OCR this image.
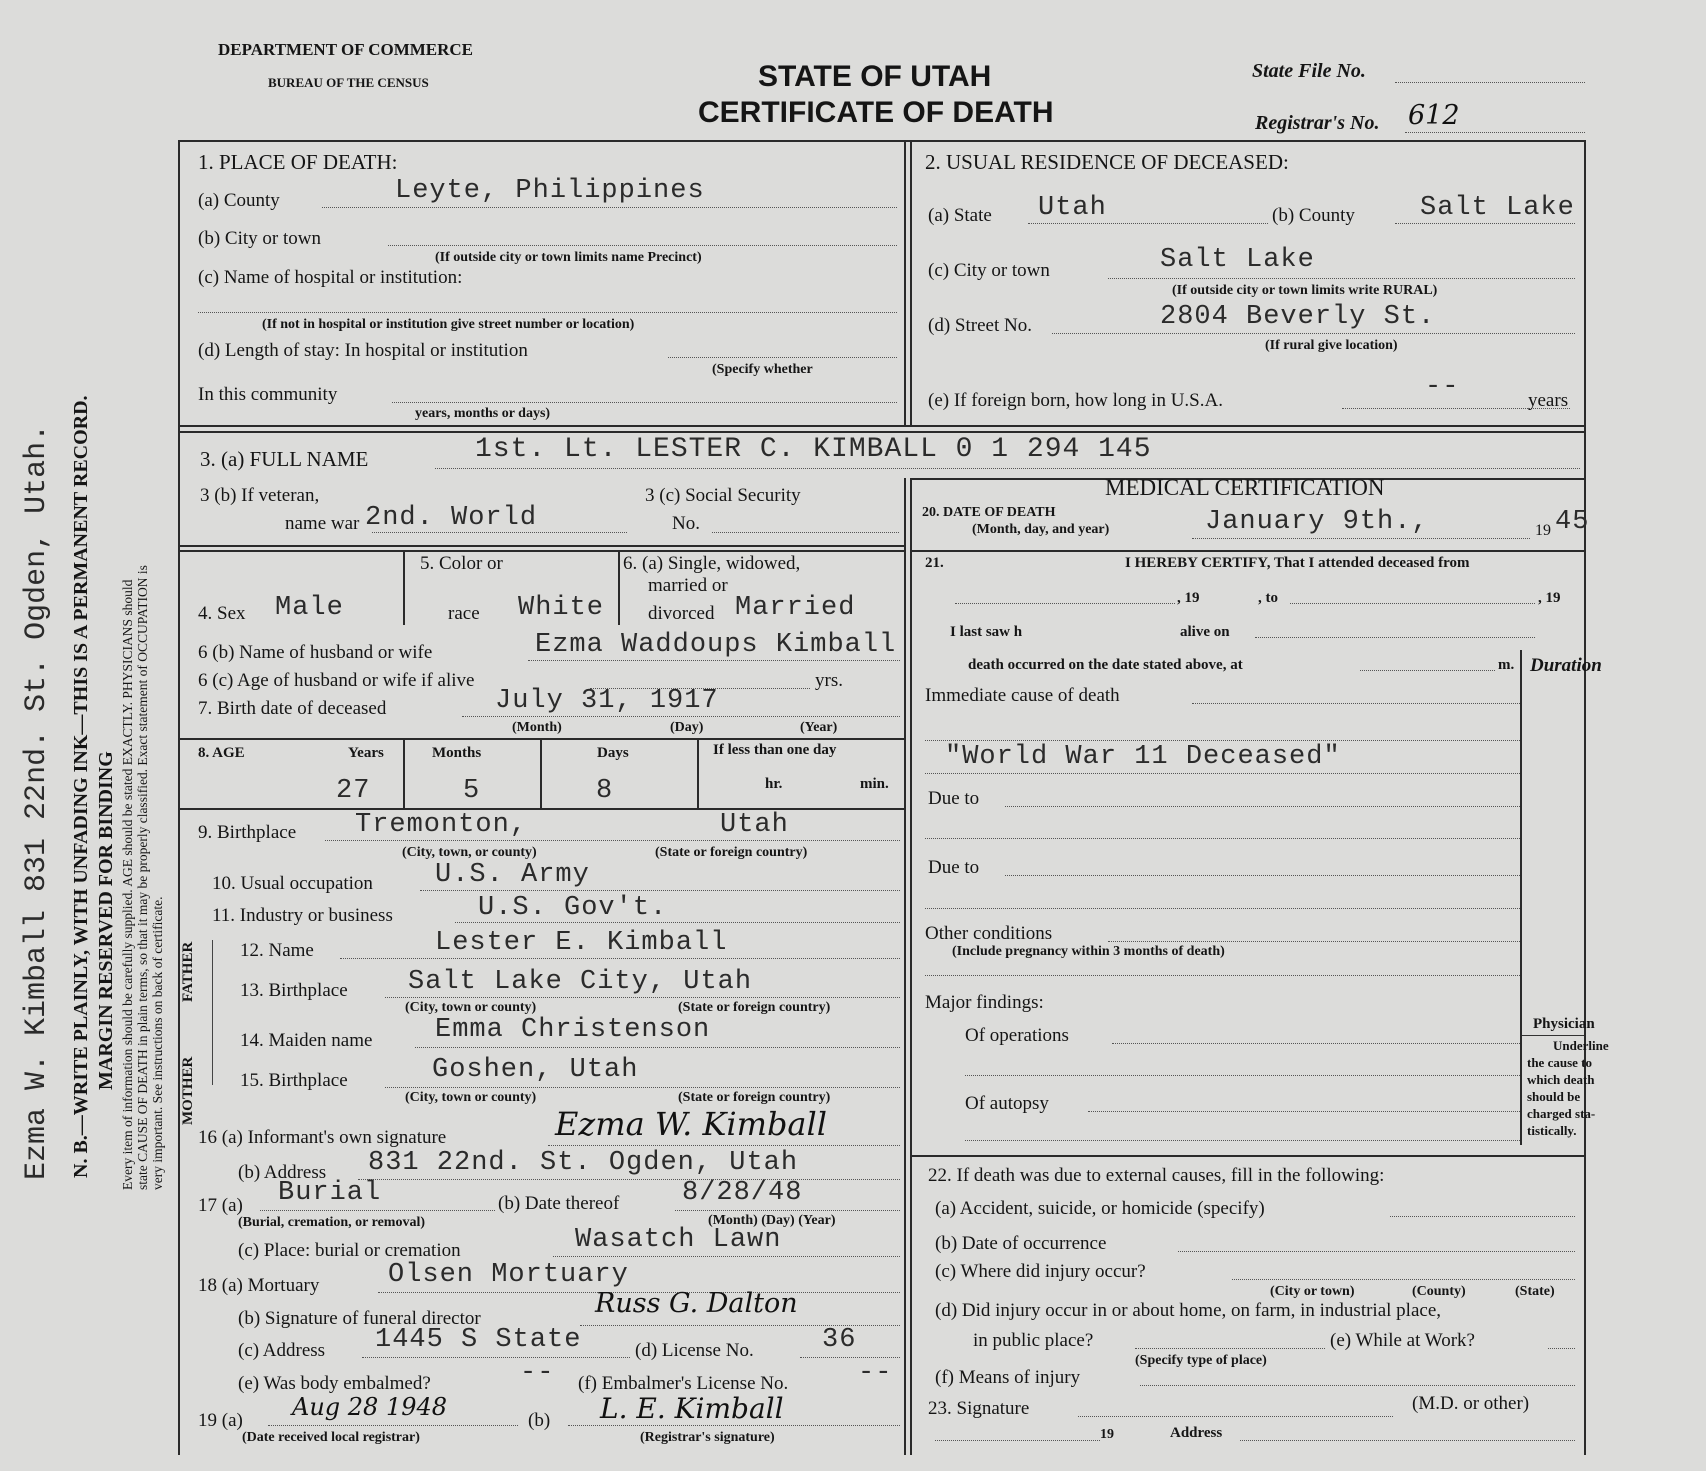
Ezma W. Kimball 831 22nd. St. Ogden, Utah. N. B.—WRITE PLAINLY, WITH UNFADING INK—THIS IS A PERMANENT RECORD. MARGIN RESERVED FOR BINDING Every item of information should be carefully supplied. AGE should be stated EXACTLY. PHYSICIANS should state CAUSE OF DEATH in plain terms, so that it may be properly classified. Exact statement of OCCUPATION is very important. See instructions on back of certificate.
DEPARTMENT OF COMMERCE
BUREAU OF THE CENSUS	STATE OF UTAH
CERTIFICATE OF DEATH
State File No.
Registrar's No. 612
1. PLACE OF DEATH:
(a) County	Leyte, Philippines
(b) City or town
(If outside city or town limits name Precinct)
(c) Name of hospital or institution:
(If not in hospital or institution give street number or location)
(d) Length of stay: In hospital or institution
(Specify whether
In this community
years, months or days)
2. USUAL RESIDENCE OF DECEASED:
(a) State Utah	(b) County Salt Lake
(c) City or town	Salt Lake
(If outside city or town limits write RURAL)
(d) Street No.	2804 Beverly St.
(If rural give location)
(e) If foreign born, how long in U.S.A.	--	years
3. (a) FULL NAME	1st. Lt. LESTER C. KIMBALL 0 1 294 145
3 (b) If veteran,
name war 2nd. World
3 (c) Social Security
No.
4. Sex Male
5. Color or
race White
6. (a) Single, widowed,
married or
divorced Married
6 (b) Name of husband or wife	Ezma Waddoups Kimball
6 (c) Age of husband or wife if alive	yrs.
7. Birth date of deceased	July 31, 1917
(Month)	(Day)	(Year)
8. AGE	Years	Months	Days	If less than one day
hr.	min.
27	5	8
9. Birthplace Tremonton,	Utah
(City, town, or county)	(State or foreign country)
10. Usual occupation U.S. Army
11. Industry or business	U.S. Gov't.
MOTHER
FATHER 12. Name	Lester E. Kimball
13. Birthplace Salt Lake City, Utah
(City, town or county)	(State or foreign country)
14. Maiden name Emma Christenson
15. Birthplace	Goshen, Utah
(City, town or county)	(State or foreign country)
16 (a) Informant's own signature	Ezma W. Kimball
(b) Address 831 22nd. St. Ogden, Utah
17 (a) Burial
(Burial, cremation, or removal)
(b) Date thereof 8/28/48
(Month) (Day) (Year)
(c) Place: burial or cremation	Wasatch Lawn
18 (a) Mortuary	Olsen Mortuary
(b) Signature of funeral director	Russ G. Dalton
(c) Address 1445 S State	(d) License No.	36
(e) Was body embalmed?	-- (f) Embalmer's License No.	--
19 (a) Aug 28 1948
(Date received local registrar)
(b) L. E. Kimball
(Registrar's signature)
MEDICAL CERTIFICATION
20. DATE OF DEATH
(Month, day, and year)	January 9th.,	19 45
21.	I HEREBY CERTIFY, That I attended deceased from
, 19	, to	, 19
I last saw h	alive on
death occurred on the date stated above, at	m. Duration
Immediate cause of death
"World War 11 Deceased"
Due to
Due to
Other conditions
(Include pregnancy within 3 months of death)
Major findings:
Of operations
Of autopsy
Physician
Underline
the cause to
which death
should be
charged sta-
tistically.
22. If death was due to external causes, fill in the following:
(a) Accident, suicide, or homicide (specify)
(b) Date of occurrence
(c) Where did injury occur?
(City or town)	(County)	(State)
(d) Did injury occur in or about home, on farm, in industrial place,
in public place?
(Specify type of place)
(e) While at Work?
(f) Means of injury
23. Signature	(M.D. or other)
19	Address
